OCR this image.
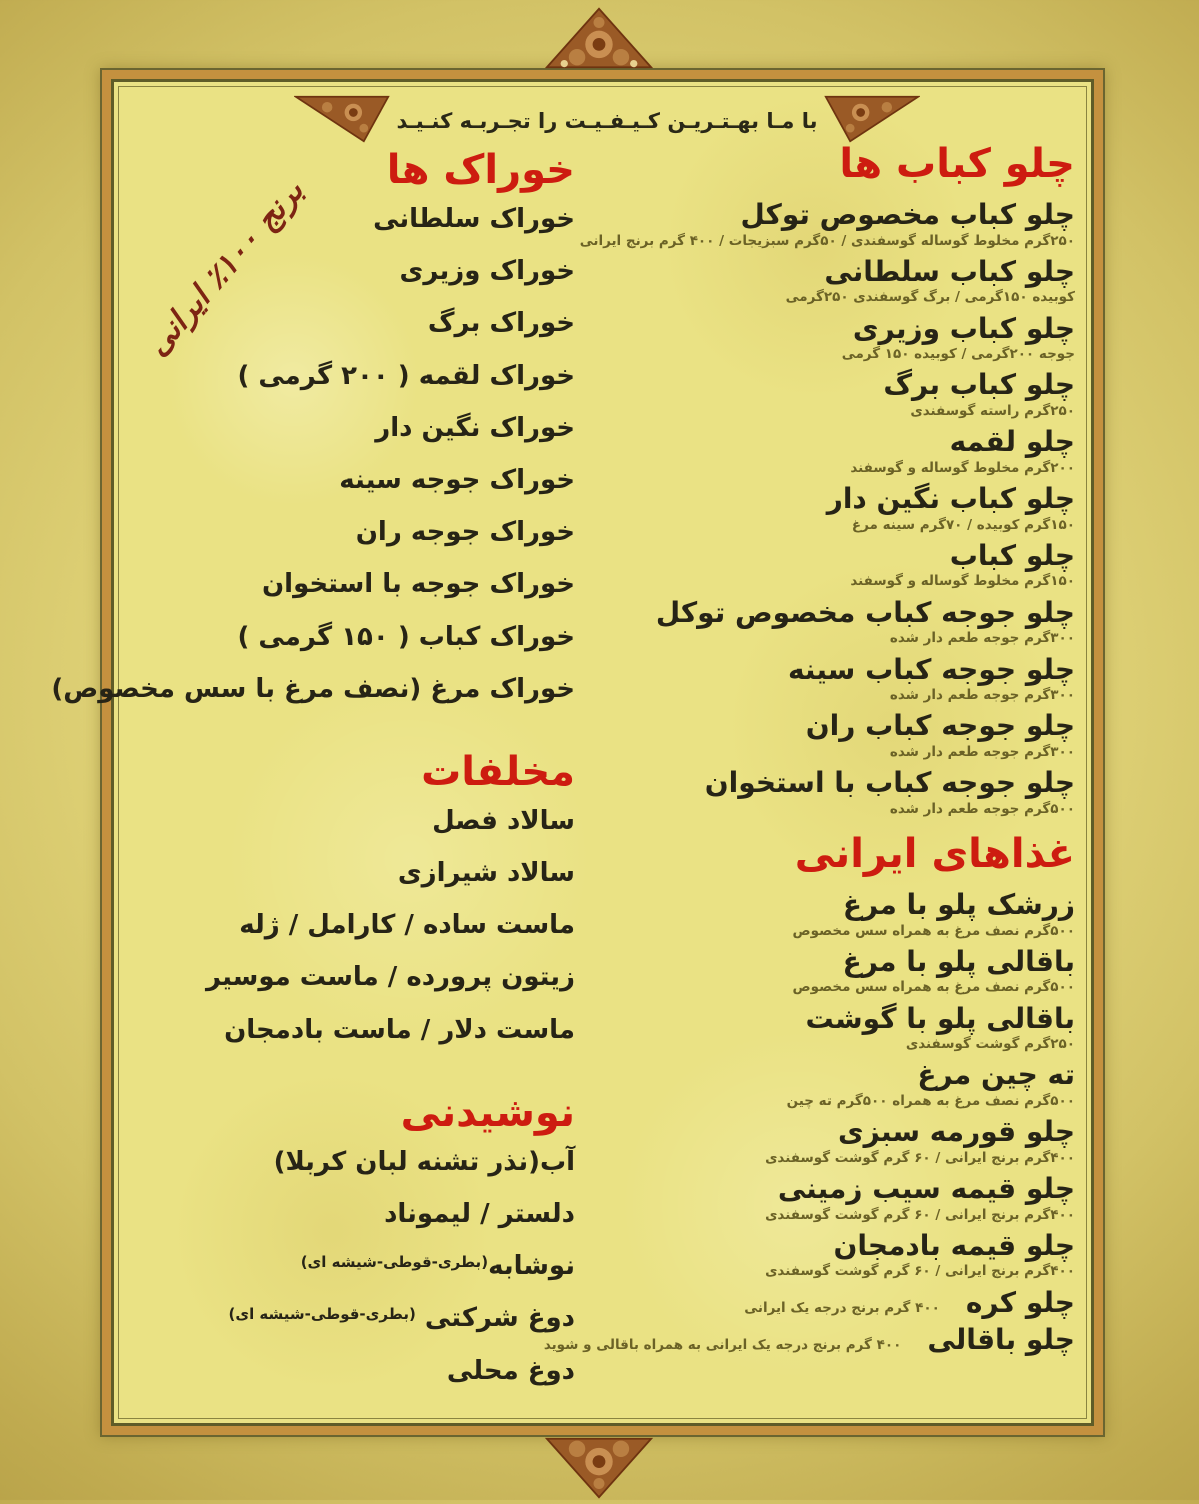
با مـا بهـتـریـن کـیـفـیـت را تجـربـه کنـیـد
برنج ۱۰۰٪ ایرانی
چلو کباب ها
چلو کباب مخصوص توکل
۲۵۰گرم مخلوط گوساله گوسفندی / ۵۰گرم سبزیجات / ۴۰۰ گرم برنج ایرانی
چلو کباب سلطانی
کوبیده ۱۵۰گرمی / برگ گوسفندی ۲۵۰گرمی
چلو کباب وزیری
جوجه ۲۰۰گرمی / کوبیده ۱۵۰ گرمی
چلو کباب برگ
۲۵۰گرم راسته گوسفندی
چلو لقمه
۲۰۰گرم مخلوط گوساله و گوسفند
چلو کباب نگین دار
۱۵۰گرم کوبیده / ۷۰گرم سینه مرغ
چلو کباب
۱۵۰گرم مخلوط گوساله و گوسفند
چلو جوجه کباب مخصوص توکل
۳۰۰گرم جوجه طعم دار شده
چلو جوجه کباب سینه
۳۰۰گرم جوجه طعم دار شده
چلو جوجه کباب ران
۳۰۰گرم جوجه طعم دار شده
چلو جوجه کباب با استخوان
۵۰۰گرم جوجه طعم دار شده
غذاهای ایرانی
زرشک پلو با مرغ
۵۰۰گرم نصف مرغ به همراه سس مخصوص
باقالی پلو با مرغ
۵۰۰گرم نصف مرغ به همراه سس مخصوص
باقالی پلو با گوشت
۲۵۰گرم گوشت گوسفندی
ته چین مرغ
۵۰۰گرم نصف مرغ به همراه ۵۰۰گرم ته چین
چلو قورمه سبزی
۴۰۰گرم برنج ایرانی / ۶۰ گرم گوشت گوسفندی
چلو قیمه سیب زمینی
۴۰۰گرم برنج ایرانی / ۶۰ گرم گوشت گوسفندی
چلو قیمه بادمجان
۴۰۰گرم برنج ایرانی / ۶۰ گرم گوشت گوسفندی
چلو کره
۴۰۰ گرم برنج درجه یک ایرانی
چلو باقالی
۴۰۰ گرم برنج درجه یک ایرانی به همراه باقالی و شوید
خوراک ها
خوراک سلطانی
خوراک وزیری
خوراک برگ
خوراک لقمه ( ۲۰۰ گرمی )
خوراک نگین دار
خوراک جوجه سینه
خوراک جوجه ران
خوراک جوجه با استخوان
خوراک کباب ( ۱۵۰ گرمی )
خوراک مرغ (نصف مرغ با سس مخصوص)
مخلفات
سالاد فصل
سالاد شیرازی
ماست ساده / کارامل / ژله
زیتون پرورده / ماست موسیر
ماست دلار / ماست بادمجان
نوشیدنی
آب(نذر تشنه لبان کربلا)
دلستر / لیموناد
نوشابه$^{(بطری-قوطی-شیشه ای)}$
دوغ شرکتی $^{(بطری-قوطی-شیشه ای)}$
دوغ محلی
